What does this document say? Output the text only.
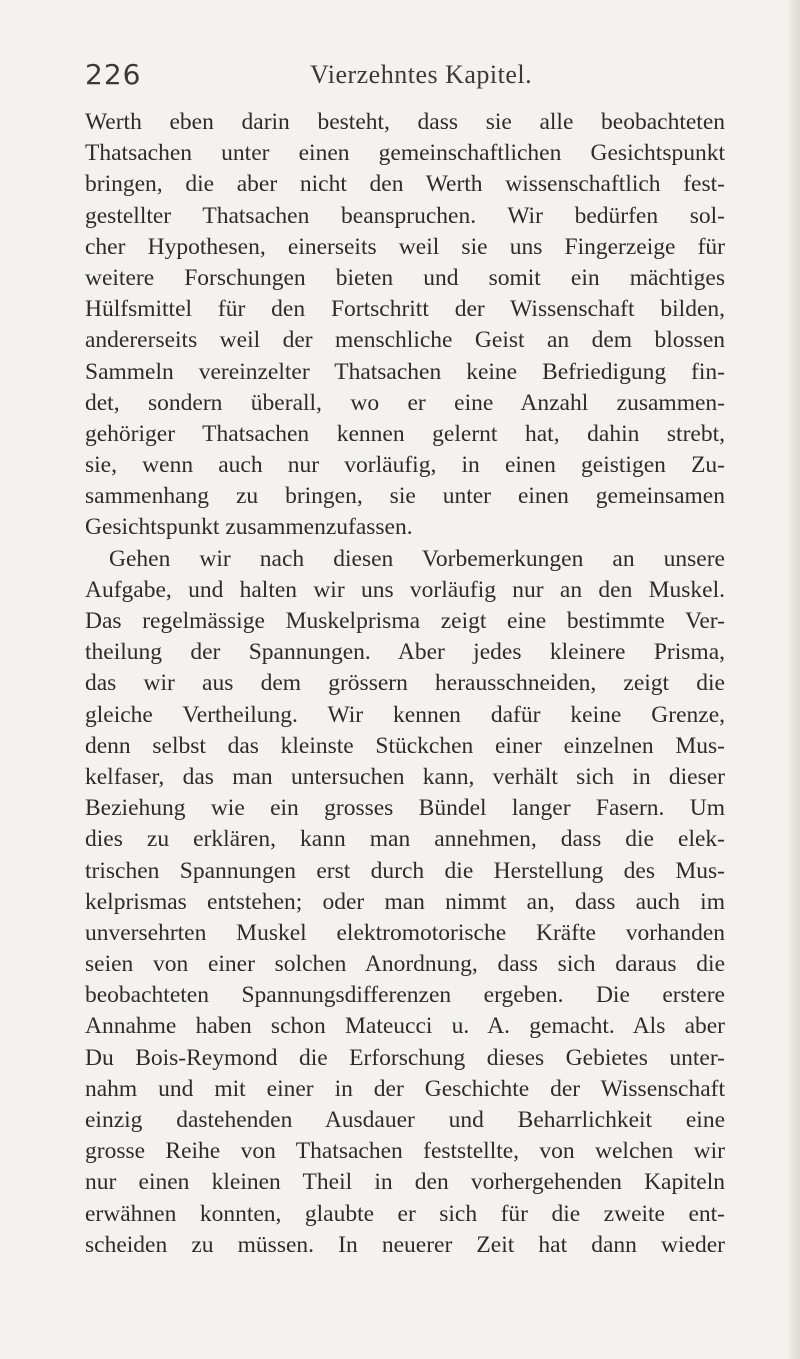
226	Vierzehntes Kapitel.
Werth eben darin besteht, dass sie alle beobachteten
Thatsachen unter einen gemeinschaftlichen Gesichtspunkt
bringen, die aber nicht den Werth wissenschaftlich fest-
gestellter Thatsachen beanspruchen. Wir bedürfen sol-
cher Hypothesen, einerseits weil sie uns Fingerzeige für
weitere Forschungen bieten und somit ein mächtiges
Hülfsmittel für den Fortschritt der Wissenschaft bilden,
andererseits weil der menschliche Geist an dem blossen
Sammeln vereinzelter Thatsachen keine Befriedigung fin-
det, sondern überall, wo er eine Anzahl zusammen-
gehöriger Thatsachen kennen gelernt hat, dahin strebt,
sie, wenn auch nur vorläufig, in einen geistigen Zu-
sammenhang zu bringen, sie unter einen gemeinsamen
Gesichtspunkt zusammenzufassen.
Gehen wir nach diesen Vorbemerkungen an unsere
Aufgabe, und halten wir uns vorläufig nur an den Muskel.
Das regelmässige Muskelprisma zeigt eine bestimmte Ver-
theilung der Spannungen. Aber jedes kleinere Prisma,
das wir aus dem grössern herausschneiden, zeigt die
gleiche Vertheilung. Wir kennen dafür keine Grenze,
denn selbst das kleinste Stückchen einer einzelnen Mus-
kelfaser, das man untersuchen kann, verhält sich in dieser
Beziehung wie ein grosses Bündel langer Fasern. Um
dies zu erklären, kann man annehmen, dass die elek-
trischen Spannungen erst durch die Herstellung des Mus-
kelprismas entstehen; oder man nimmt an, dass auch im
unversehrten Muskel elektromotorische Kräfte vorhanden
seien von einer solchen Anordnung, dass sich daraus die
beobachteten Spannungsdifferenzen ergeben. Die erstere
Annahme haben schon Mateucci u. A. gemacht. Als aber
Du Bois-Reymond die Erforschung dieses Gebietes unter-
nahm und mit einer in der Geschichte der Wissenschaft
einzig dastehenden Ausdauer und Beharrlichkeit eine
grosse Reihe von Thatsachen feststellte, von welchen wir
nur einen kleinen Theil in den vorhergehenden Kapiteln
erwähnen konnten, glaubte er sich für die zweite ent-
scheiden zu müssen. In neuerer Zeit hat dann wieder
